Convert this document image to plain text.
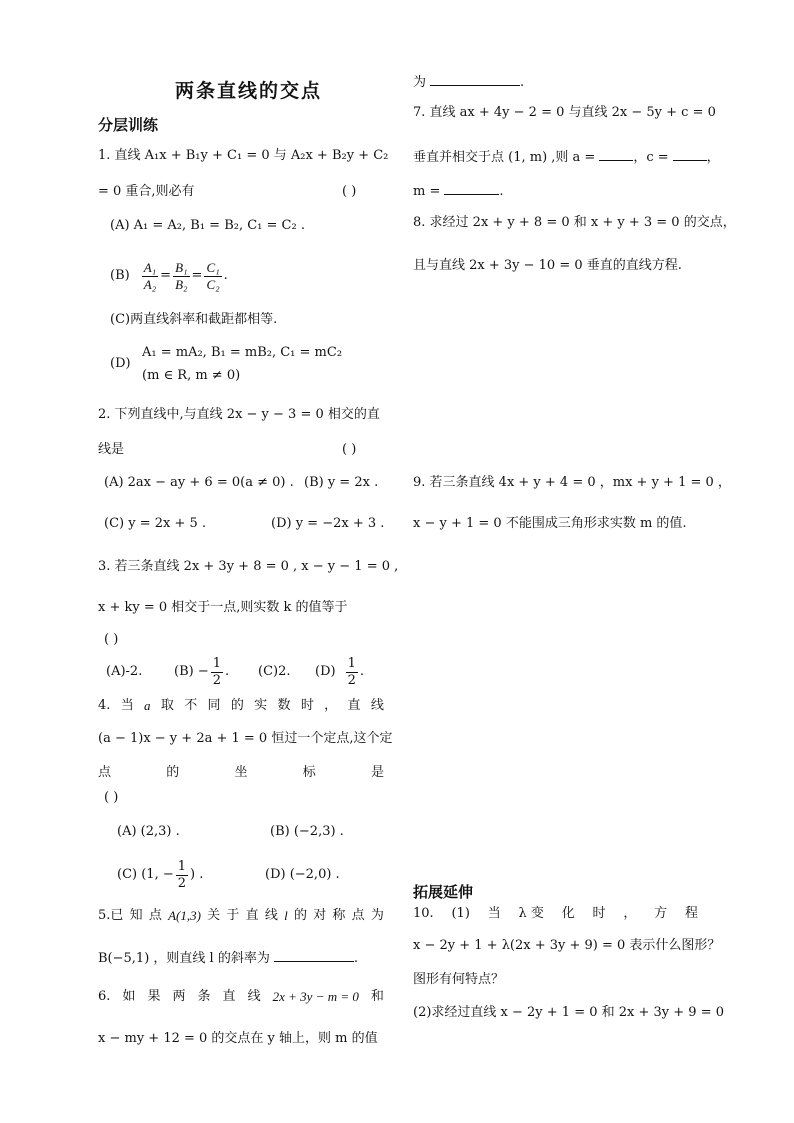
两条直线的交点
分层训练
1. 直线 A₁x + B₁y + C₁ = 0 与 A₂x + B₂y + C₂
= 0 重合,则必有	( )
(A) A₁ = A₂, B₁ = B₂, C₁ = C₂ .
$(B) \frac{\text{A₁}}{\text{A₂}} = \frac{\text{B₁}}{\text{B₂}} = \frac{\text{C₁}}{\text{C₂}}$ .
(C)两直线斜率和截距都相等.
(D)
A₁ = mA₂, B₁ = mB₂, C₁ = mC₂
(m ∈ R, m ≠ 0)
2. 下列直线中,与直线 2x − y − 3 = 0 相交的直
线是	( )
(A) 2ax − ay + 6 = 0(a ≠ 0) . (B) y = 2x .
(C) y = 2x + 5 .	(D) y = −2x + 3 .
3. 若三条直线 2x + 3y + 8 = 0 , x − y − 1 = 0 ,
x + ky = 0 相交于一点,则实数 k 的值等于
( )
(A)-2. $(B) - \frac{1}{2}$ . (C)2. $(D) \frac{1}{2}$ .
4. 当 a 取 不 同 的 实 数 时 ， 直 线
(a − 1)x − y + 2a + 1 = 0 恒过一个定点,这个定
点	的	坐	标	是
( )
(A) (2,3) .	(B) (−2,3) .
(C) (1, − $\frac{1}{2}$ ) .	(D) (−2,0) .
5.已 知 点 A(1,3) 关 于 直 线 l 的 对 称 点 为
B(−5,1) ，则直线 l 的斜率为	.
6. 如 果 两 条 直 线 2x + 3y − m = 0 和
x − my + 12 = 0 的交点在 y 轴上，则 m 的值
为	.
7. 直线 ax + 4y − 2 = 0 与直线 2x − 5y + c = 0
垂直并相交于点 (1, m) ,则 a =	，c =	，
m =	.
8. 求经过 2x + y + 8 = 0 和 x + y + 3 = 0 的交点，
且与直线 2x + 3y − 10 = 0 垂直的直线方程.
9. 若三条直线 4x + y + 4 = 0 ，mx + y + 1 = 0 ，
x − y + 1 = 0 不能围成三角形求实数 m 的值.
拓展延伸
10. (1) 当 λ 变 化 时 ， 方 程
x − 2y + 1 + λ(2x + 3y + 9) = 0 表示什么图形？
图形有何特点？
(2)求经过直线 x − 2y + 1 = 0 和 2x + 3y + 9 = 0
